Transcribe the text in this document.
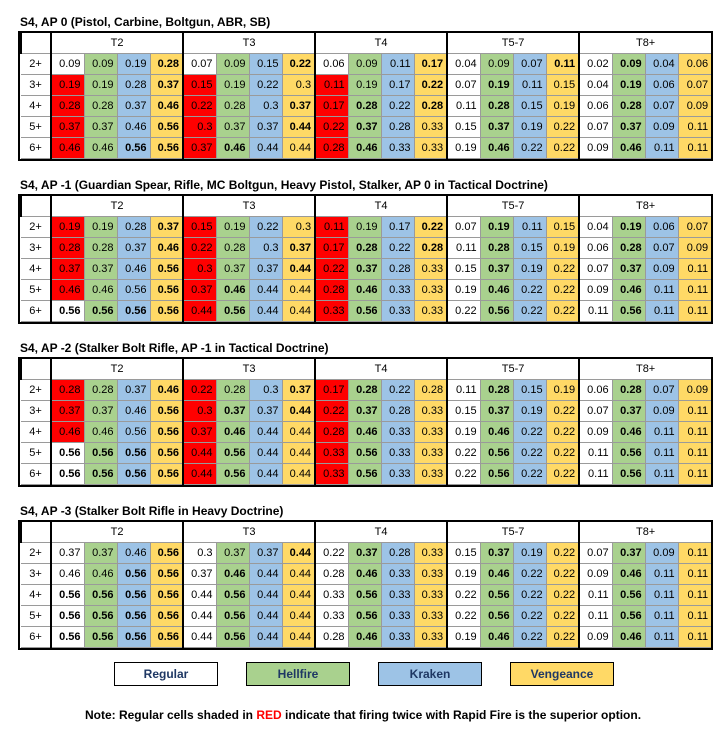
S4, AP 0 (Pistol, Carbine, Boltgun, ABR, SB)
	T2				T3				T4				T5-7				T8+			
2+	0.09	0.09	0.19	0.28	0.07	0.09	0.15	0.22	0.06	0.09	0.11	0.17	0.04	0.09	0.07	0.11	0.02	0.09	0.04	0.06
3+	0.19	0.19	0.28	0.37	0.15	0.19	0.22	0.3	0.11	0.19	0.17	0.22	0.07	0.19	0.11	0.15	0.04	0.19	0.06	0.07
4+	0.28	0.28	0.37	0.46	0.22	0.28	0.3	0.37	0.17	0.28	0.22	0.28	0.11	0.28	0.15	0.19	0.06	0.28	0.07	0.09
5+	0.37	0.37	0.46	0.56	0.3	0.37	0.37	0.44	0.22	0.37	0.28	0.33	0.15	0.37	0.19	0.22	0.07	0.37	0.09	0.11
6+	0.46	0.46	0.56	0.56	0.37	0.46	0.44	0.44	0.28	0.46	0.33	0.33	0.19	0.46	0.22	0.22	0.09	0.46	0.11	0.11
S4, AP -1 (Guardian Spear, Rifle, MC Boltgun, Heavy Pistol, Stalker, AP 0 in Tactical Doctrine)
	T2				T3				T4				T5-7				T8+			
2+	0.19	0.19	0.28	0.37	0.15	0.19	0.22	0.3	0.11	0.19	0.17	0.22	0.07	0.19	0.11	0.15	0.04	0.19	0.06	0.07
3+	0.28	0.28	0.37	0.46	0.22	0.28	0.3	0.37	0.17	0.28	0.22	0.28	0.11	0.28	0.15	0.19	0.06	0.28	0.07	0.09
4+	0.37	0.37	0.46	0.56	0.3	0.37	0.37	0.44	0.22	0.37	0.28	0.33	0.15	0.37	0.19	0.22	0.07	0.37	0.09	0.11
5+	0.46	0.46	0.56	0.56	0.37	0.46	0.44	0.44	0.28	0.46	0.33	0.33	0.19	0.46	0.22	0.22	0.09	0.46	0.11	0.11
6+	0.56	0.56	0.56	0.56	0.44	0.56	0.44	0.44	0.33	0.56	0.33	0.33	0.22	0.56	0.22	0.22	0.11	0.56	0.11	0.11
S4, AP -2 (Stalker Bolt Rifle, AP -1 in Tactical Doctrine)
	T2				T3				T4				T5-7				T8+			
2+	0.28	0.28	0.37	0.46	0.22	0.28	0.3	0.37	0.17	0.28	0.22	0.28	0.11	0.28	0.15	0.19	0.06	0.28	0.07	0.09
3+	0.37	0.37	0.46	0.56	0.3	0.37	0.37	0.44	0.22	0.37	0.28	0.33	0.15	0.37	0.19	0.22	0.07	0.37	0.09	0.11
4+	0.46	0.46	0.56	0.56	0.37	0.46	0.44	0.44	0.28	0.46	0.33	0.33	0.19	0.46	0.22	0.22	0.09	0.46	0.11	0.11
5+	0.56	0.56	0.56	0.56	0.44	0.56	0.44	0.44	0.33	0.56	0.33	0.33	0.22	0.56	0.22	0.22	0.11	0.56	0.11	0.11
6+	0.56	0.56	0.56	0.56	0.44	0.56	0.44	0.44	0.33	0.56	0.33	0.33	0.22	0.56	0.22	0.22	0.11	0.56	0.11	0.11
S4, AP -3 (Stalker Bolt Rifle in Heavy Doctrine)
	T2				T3				T4				T5-7				T8+			
2+	0.37	0.37	0.46	0.56	0.3	0.37	0.37	0.44	0.22	0.37	0.28	0.33	0.15	0.37	0.19	0.22	0.07	0.37	0.09	0.11
3+	0.46	0.46	0.56	0.56	0.37	0.46	0.44	0.44	0.28	0.46	0.33	0.33	0.19	0.46	0.22	0.22	0.09	0.46	0.11	0.11
4+	0.56	0.56	0.56	0.56	0.44	0.56	0.44	0.44	0.33	0.56	0.33	0.33	0.22	0.56	0.22	0.22	0.11	0.56	0.11	0.11
5+	0.56	0.56	0.56	0.56	0.44	0.56	0.44	0.44	0.33	0.56	0.33	0.33	0.22	0.56	0.22	0.22	0.11	0.56	0.11	0.11
6+	0.56	0.56	0.56	0.56	0.44	0.56	0.44	0.44	0.28	0.46	0.33	0.33	0.19	0.46	0.22	0.22	0.09	0.46	0.11	0.11
Regular	Hellfire	Kraken	Vengeance
Note: Regular cells shaded in RED indicate that firing twice with Rapid Fire is the superior option.
